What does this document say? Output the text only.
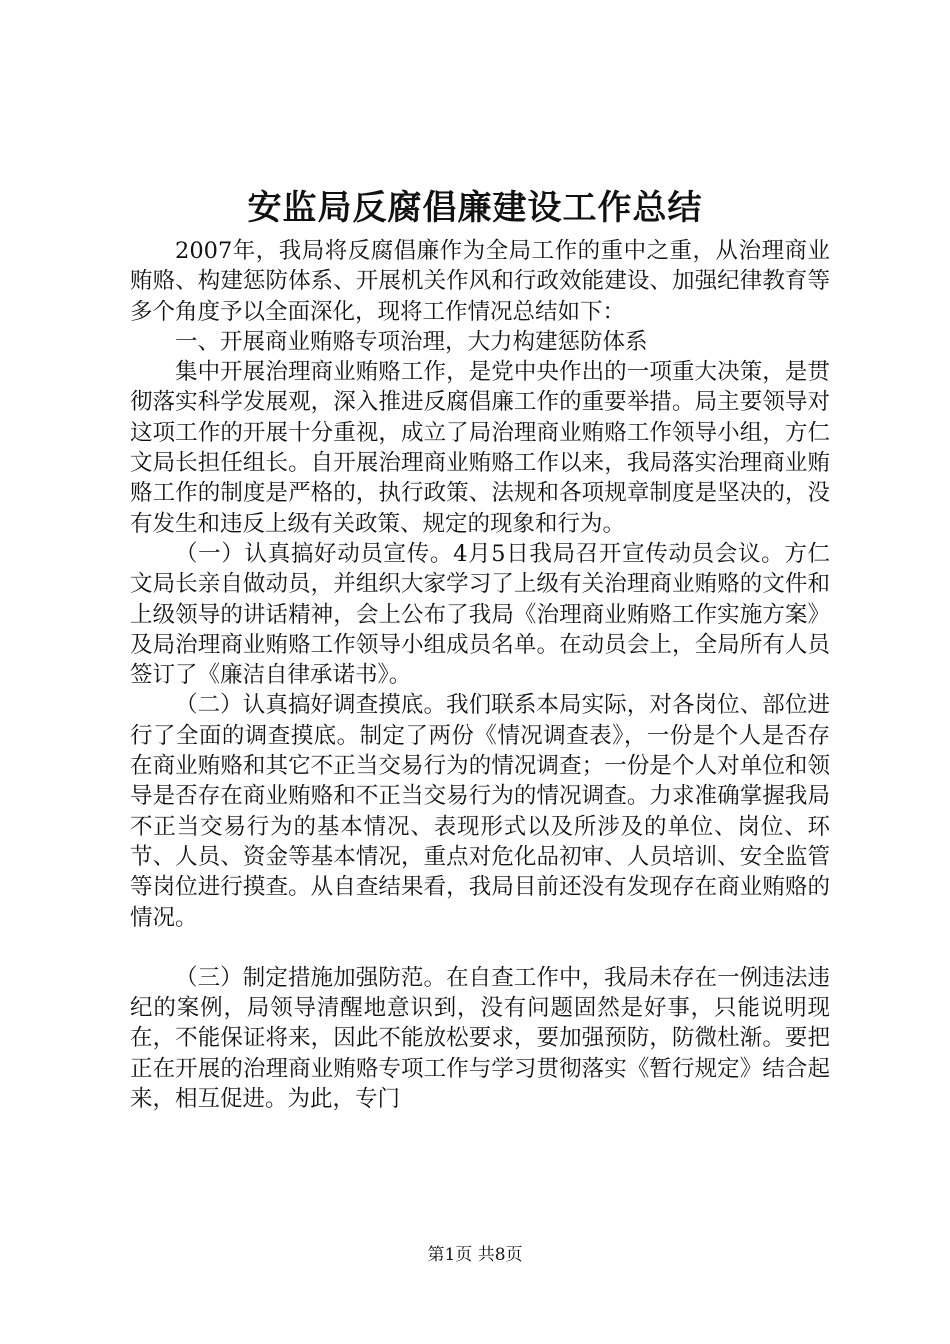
安监局反腐倡廉建设工作总结

2007年，我局将反腐倡廉作为全局工作的重中之重，从治理商业贿赂、构建惩防体系、开展机关作风和行政效能建设、加强纪律教育等多个角度予以全面深化，现将工作情况总结如下：

一、开展商业贿赂专项治理，大力构建惩防体系

集中开展治理商业贿赂工作，是党中央作出的一项重大决策，是贯彻落实科学发展观，深入推进反腐倡廉工作的重要举措。局主要领导对这项工作的开展十分重视，成立了局治理商业贿赂工作领导小组，方仁文局长担任组长。自开展治理商业贿赂工作以来，我局落实治理商业贿赂工作的制度是严格的，执行政策、法规和各项规章制度是坚决的，没有发生和违反上级有关政策、规定的现象和行为。

（一）认真搞好动员宣传。4月5日我局召开宣传动员会议。方仁文局长亲自做动员，并组织大家学习了上级有关治理商业贿赂的文件和上级领导的讲话精神，会上公布了我局《治理商业贿赂工作实施方案》及局治理商业贿赂工作领导小组成员名单。在动员会上，全局所有人员签订了《廉洁自律承诺书》。

（二）认真搞好调查摸底。我们联系本局实际，对各岗位、部位进行了全面的调查摸底。制定了两份《情况调查表》，一份是个人是否存在商业贿赂和其它不正当交易行为的情况调查；一份是个人对单位和领导是否存在商业贿赂和不正当交易行为的情况调查。力求准确掌握我局不正当交易行为的基本情况、表现形式以及所涉及的单位、岗位、环节、人员、资金等基本情况，重点对危化品初审、人员培训、安全监管等岗位进行摸查。从自查结果看，我局目前还没有发现存在商业贿赂的情况。

（三）制定措施加强防范。在自查工作中，我局未存在一例违法违纪的案例，局领导清醒地意识到，没有问题固然是好事，只能说明现在，不能保证将来，因此不能放松要求，要加强预防，防微杜渐。要把正在开展的治理商业贿赂专项工作与学习贯彻落实《暂行规定》结合起来，相互促进。为此，专门

第1页 共8页
